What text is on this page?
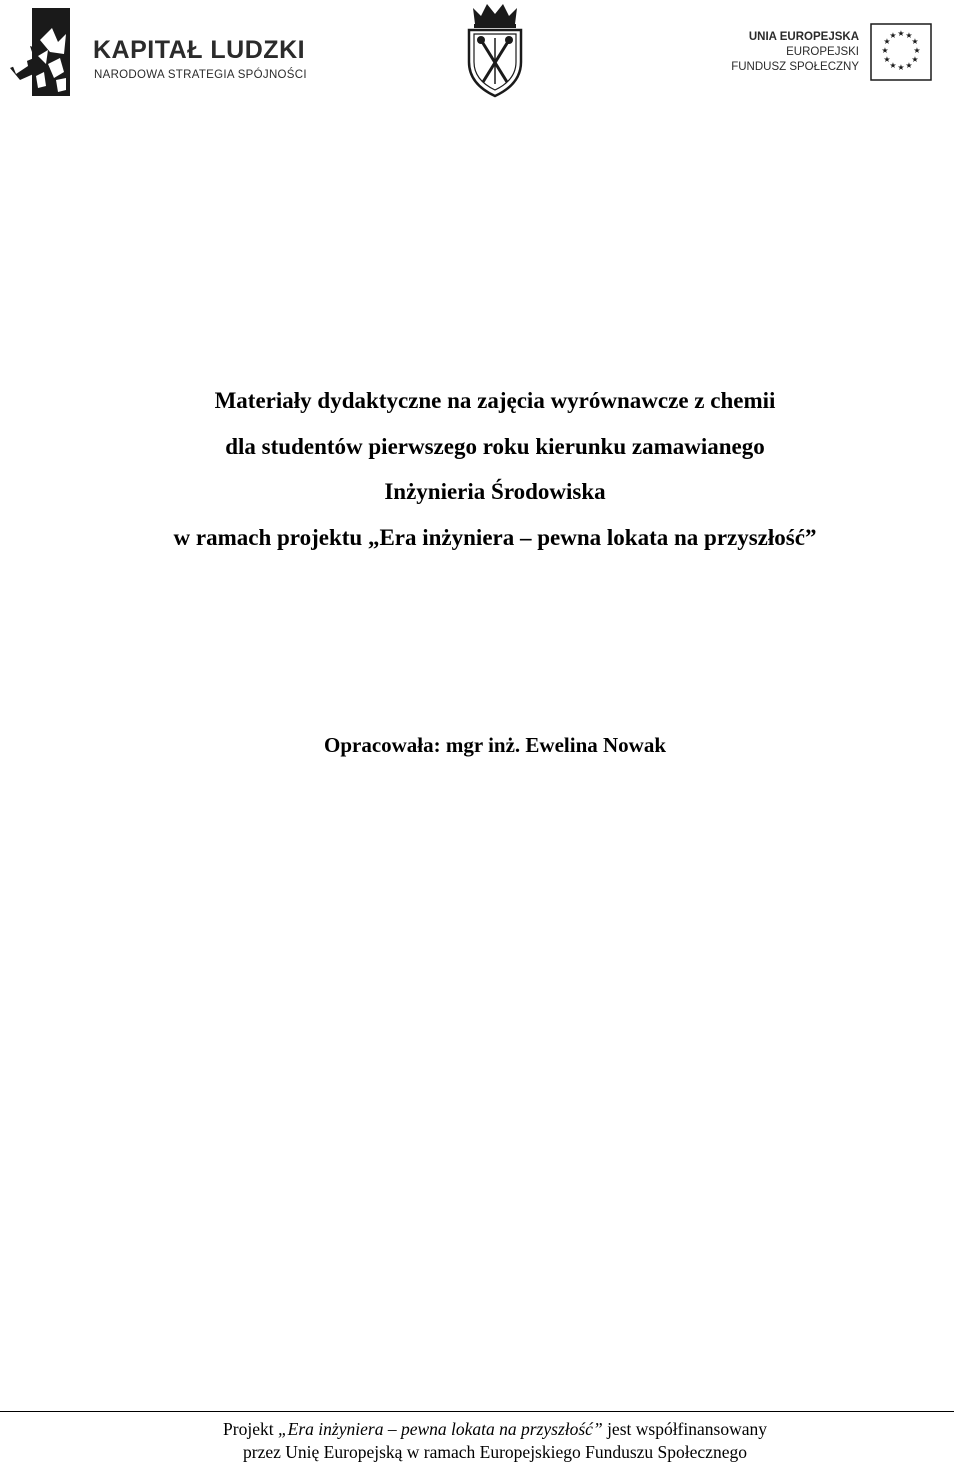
KAPITAŁ LUDZKI
NARODOWA STRATEGIA SPÓJNOŚCI
UNIA EUROPEJSKA
EUROPEJSKI
FUNDUSZ SPOŁECZNY
★ ★
★
★
★
★
★
★
★
★
★
★
Materiały dydaktyczne na zajęcia wyrównawcze z chemii
dla studentów pierwszego roku kierunku zamawianego
Inżynieria Środowiska
w ramach projektu „Era inżyniera – pewna lokata na przyszłość”
Opracowała: mgr inż. Ewelina Nowak
Projekt „Era inżyniera – pewna lokata na przyszłość” jest współfinansowany
przez Unię Europejską w ramach Europejskiego Funduszu Społecznego
